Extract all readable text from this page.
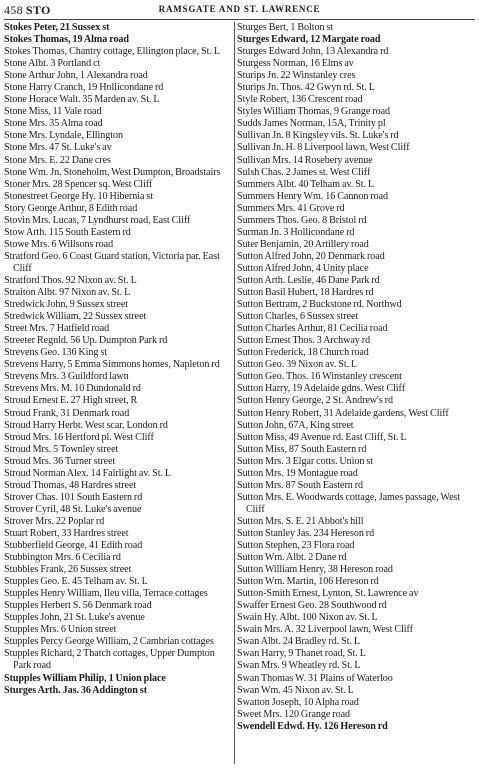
458 STO	RAMSGATE AND ST. LAWRENCE
Stokes Peter, 21 Sussex st
Stokes Thomas, 19 Alma road
Stokes Thomas, Chantry cottage, Ellington place, St. L
Stone Albt. 3 Portland ct
Stone Arthur John, 1 Alexandra road
Stone Harry Cranch, 19 Hollicondane rd
Stone Horace Walt. 35 Marden av. St. L
Stone Miss, 11 Vale road
Stone Mrs. 35 Alma road
Stone Mrs. Lyndale, Ellington
Stone Mrs. 47 St. Luke's av
Stone Mrs. E. 22 Dane cres
Stone Wm. Jn. Stoneholm, West Dumpton, Broadstairs
Stoner Mrs. 28 Spencer sq. West Cliff
Stonestreet George Hy. 10 Hibernia st
Story George Arthur, 8 Edith road
Stovin Mrs. Lucas, 7 Lyndhurst road, East Cliff
Stow Arth. 115 South Eastern rd
Stowe Mrs. 6 Willsons road
Stratford Geo. 6 Coast Guard station, Victoria par. East Cliff
Stratford Thos. 92 Nixon av. St. L
Straiton Albt. 97 Nixon av. St. L
Stredwick John, 9 Sussex street
Stredwick William, 22 Sussex street
Street Mrs. 7 Hatfield road
Streeter Regnld. 56 Up. Dumpton Park rd
Strevens Geo. 136 King st
Strevens Harry, 5 Emma Simmons homes, Napleton rd
Strevens Mrs. 3 Guildford lawn
Strevens Mrs. M. 10 Dundonald rd
Stroud Ernest E. 27 High street, R
Stroud Frank, 31 Denmark road
Stroud Harry Herbt. West scar. London rd
Stroud Mrs. 16 Hertford pl. West Cliff
Stroud Mrs. 5 Townley street
Stroud Mrs. 36 Turner street
Stroud Norman Alex. 14 Fairlight av. St. L
Stroud Thomas, 48 Hardres street
Strover Chas. 101 South Eastern rd
Strover Cyril, 48 St. Luke's avenue
Strover Mrs. 22 Poplar rd
Stuart Robert, 33 Hardres street
Stubberfield George, 41 Edith road
Stubbington Mrs. 6 Cecilia rd
Stubbles Frank, 26 Sussex street
Stupples Geo. E. 45 Telham av. St. L
Stupples Henry William, Ileu villa, Terrace cottages
Stupples Herbert S. 56 Denmark road
Stupples John, 21 St. Luke's avenue
Stupples Mrs. 6 Union street
Stupples Percy George William, 2 Cambrian cottages
Stupples Richard, 2 Thatch cottages, Upper Dumpton Park road
Stupples William Philip, 1 Union place
Sturges Arth. Jas. 36 Addington st
Sturges Bert, 1 Bolton st
Sturges Edward, 12 Margate road
Sturges Edward John, 13 Alexandra rd
Sturgess Norman, 16 Elms av
Sturips Jn. 22 Winstanley cres
Sturips Jn. Thos. 42 Gwyn rd. St. L
Style Robert, 136 Crescent road
Styles William Thomas, 9 Grange road
Sudds James Norman, 15A, Trinity pl
Sullivan Jn. 8 Kingsley vils. St. Luke's rd
Sullivan Jn. H. 8 Liverpool lawn, West Cliff
Sullivan Mrs. 14 Rosebery avenue
Sulsh Chas. 2 James st. West Cliff
Summers Albt. 40 Telham av. St. L
Summers Henry Wm. 16 Cannon road
Summers Mrs. 41 Grove rd
Summers Thos. Geo. 8 Bristol rd
Surman Jn. 3 Hollicondane rd
Suter Benjamin, 20 Artillery road
Sutton Alfred John, 20 Denmark road
Sutton Alfred John, 4 Unity place
Sutton Arth. Leslie, 46 Dane Park rd
Sutton Basil Hubert, 18 Hardres rd
Sutton Bertram, 2 Buckstone rd. Northwd
Sutton Charles, 6 Sussex street
Sutton Charles Arthur, 81 Cecilia road
Sutton Ernest Thos. 3 Archway rd
Sutton Frederick, 18 Church road
Sutton Geo. 39 Nixon av. St. L
Sutton Geo. Thos. 16 Winstanley crescent
Sutton Harry, 19 Adelaide gdns. West Cliff
Sutton Henry George, 2 St. Andrew's rd
Sutton Henry Robert, 31 Adelaide gardens, West Cliff
Sutton John, 67A, King street
Sutton Miss, 49 Avenue rd. East Cliff, St. L
Sutton Miss, 87 South Eastern rd
Sutton Mrs. 3 Elgar cotts. Union st
Sutton Mrs. 19 Montague road
Sutton Mrs. 87 South Eastern rd
Sutton Mrs. E. Woodwards cottage, James passage, West Cliff
Sutton Mrs. S. E. 21 Abbot's hill
Sutton Stanley Jas. 234 Hereson rd
Sutton Stephen, 23 Flora road
Sutton Wm. Albt. 2 Dane rd
Sutton William Henry, 38 Hereson road
Sutton Wm. Martin, 106 Hereson rd
Sutton-Smith Ernest, Lynton, St. Lawrence av
Swaffer Ernest Geo. 28 Southwood rd
Swain Hy. Albt. 100 Nixon av. St. L
Swain Mrs. A. 32 Liverpool lawn, West Cliff
Swan Albt. 24 Bradley rd. St. L
Swan Harry, 9 Thanet road, St. L
Swan Mrs. 9 Wheatley rd. St. L
Swan Thomas W. 31 Plains of Waterloo
Swan Wm. 45 Nixon av. St. L
Swatton Joseph, 10 Alpha road
Sweet Mrs. 120 Grange road
Swendell Edwd. Hy. 126 Hereson rd
